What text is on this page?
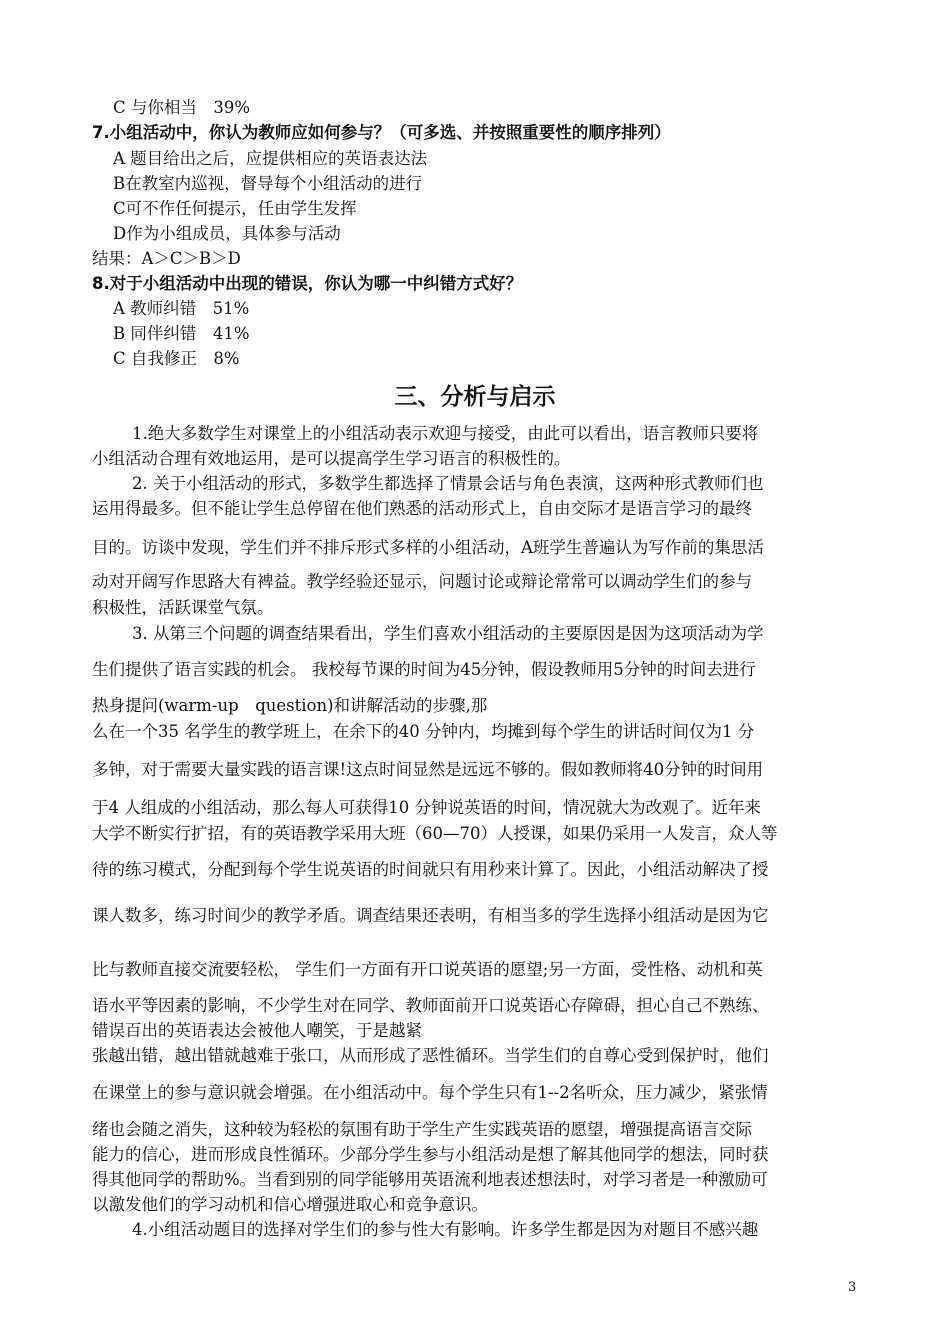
C 与你相当　39%
7.小组活动中，你认为教师应如何参与？（可多选、并按照重要性的顺序排列）
A 题目给出之后，应提供相应的英语表达法
B在教室内巡视，督导每个小组活动的进行
C可不作任何提示，任由学生发挥
D作为小组成员，具体参与活动
结果：A＞C＞B＞D
8.对于小组活动中出现的错误，你认为哪一中纠错方式好？
A 教师纠错　51%
B 同伴纠错　41%
C 自我修正　8%
三、分析与启示
1.绝大多数学生对课堂上的小组活动表示欢迎与接受，由此可以看出，语言教师只要将
小组活动合理有效地运用，是可以提高学生学习语言的积极性的。
2. 关于小组活动的形式，多数学生都选择了情景会话与角色表演，这两种形式教师们也
运用得最多。但不能让学生总停留在他们熟悉的活动形式上，自由交际才是语言学习的最终
目的。访谈中发现，学生们并不排斥形式多样的小组活动，A班学生普遍认为写作前的集思活
动对开阔写作思路大有裨益。教学经验还显示，问题讨论或辩论常常可以调动学生们的参与
积极性，活跃课堂气氛。
3. 从第三个问题的调查结果看出，学生们喜欢小组活动的主要原因是因为这项活动为学
生们提供了语言实践的机会。 我校每节课的时间为45分钟，假设教师用5分钟的时间去进行
热身提问(warm-up　question)和讲解活动的步骤,那
么在一个35 名学生的教学班上，在余下的40 分钟内，均摊到每个学生的讲话时间仅为1 分
多钟，对于需要大量实践的语言课!这点时间显然是远远不够的。假如教师将40分钟的时间用
于4 人组成的小组活动，那么每人可获得10 分钟说英语的时间，情况就大为改观了。近年来
大学不断实行扩招，有的英语教学采用大班（60—70）人授课，如果仍采用一人发言，众人等
待的练习模式，分配到每个学生说英语的时间就只有用秒来计算了。因此，小组活动解决了授
课人数多，练习时间少的教学矛盾。调查结果还表明，有相当多的学生选择小组活动是因为它
比与教师直接交流要轻松， 学生们一方面有开口说英语的愿望;另一方面，受性格、动机和英
语水平等因素的影响，不少学生对在同学、教师面前开口说英语心存障碍，担心自己不熟练、
错误百出的英语表达会被他人嘲笑，于是越紧
张越出错，越出错就越难于张口，从而形成了恶性循环。当学生们的自尊心受到保护时，他们
在课堂上的参与意识就会增强。在小组活动中。每个学生只有1--2名听众，压力减少，紧张情
绪也会随之消失，这种较为轻松的氛围有助于学生产生实践英语的愿望，增强提高语言交际
能力的信心，进而形成良性循环。少部分学生参与小组活动是想了解其他同学的想法，同时获
得其他同学的帮助%。当看到别的同学能够用英语流利地表述想法时，对学习者是一种激励可
以激发他们的学习动机和信心增强进取心和竞争意识。
4.小组活动题目的选择对学生们的参与性大有影响。许多学生都是因为对题目不感兴趣
3
